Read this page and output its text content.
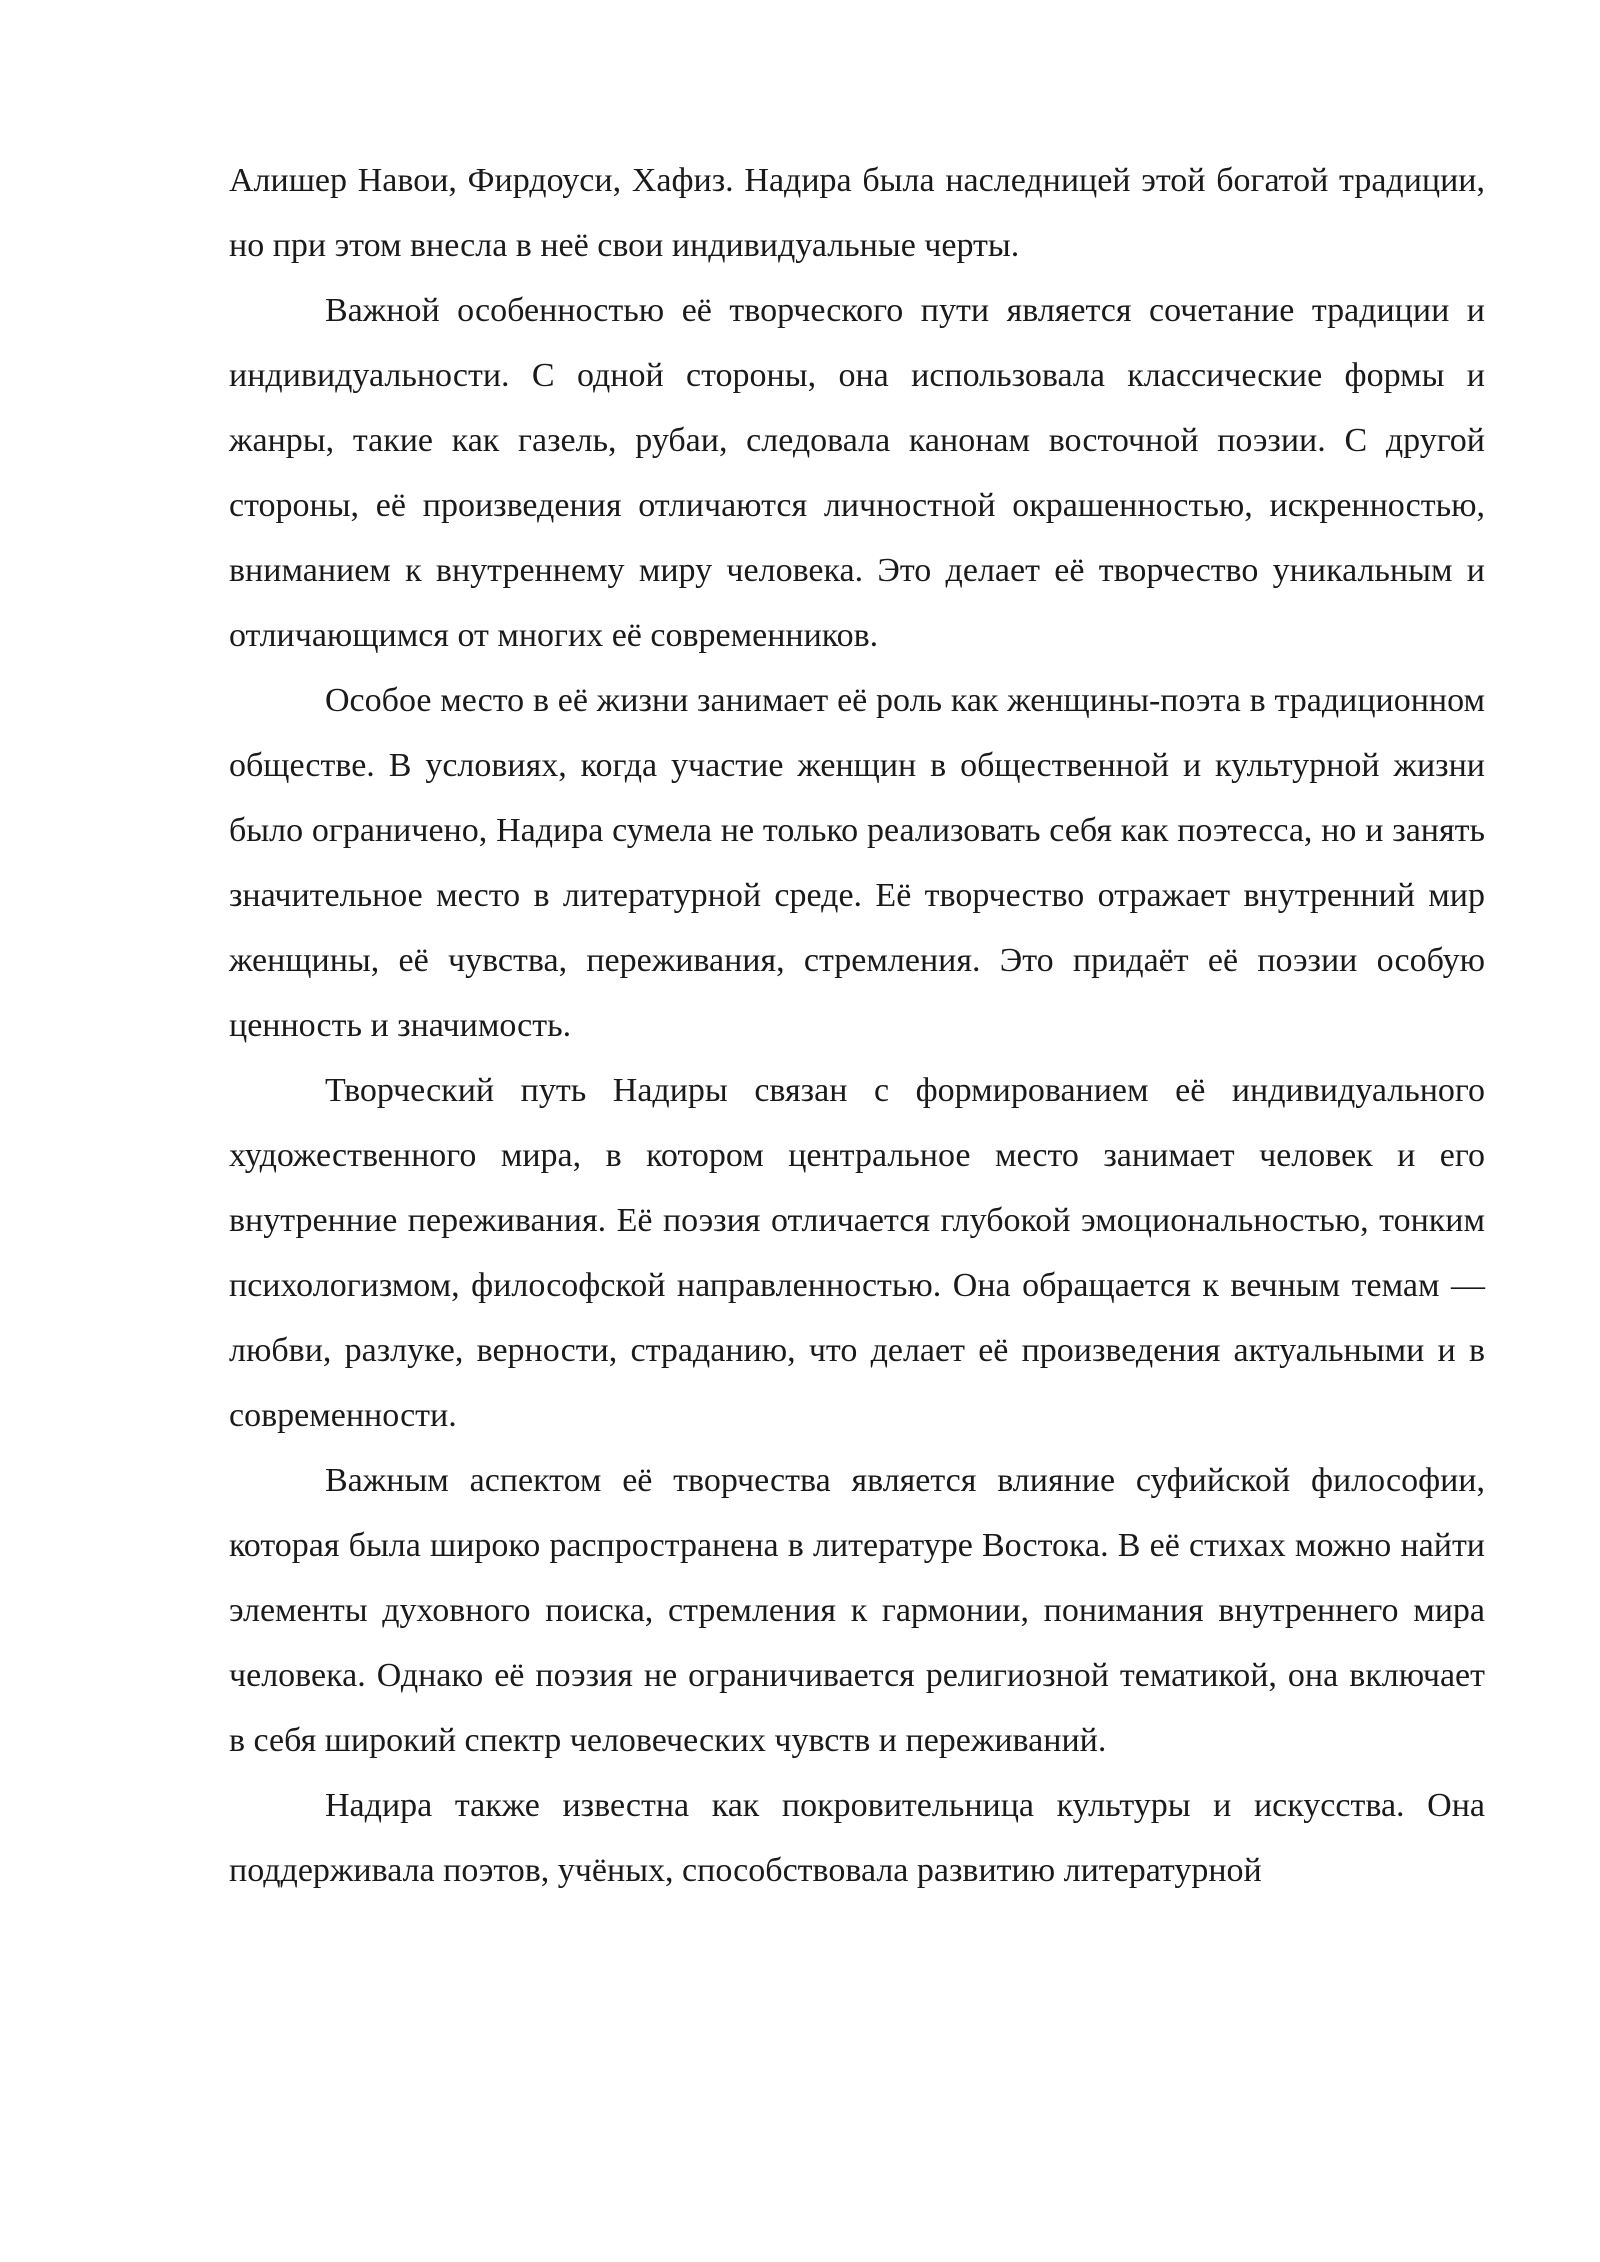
Алишер Навои, Фирдоуси, Хафиз. Надира была наследницей этой богатой традиции, но при этом внесла в неё свои индивидуальные черты.

Важной особенностью её творческого пути является сочетание традиции и индивидуальности. С одной стороны, она использовала классические формы и жанры, такие как газель, рубаи, следовала канонам восточной поэзии. С другой стороны, её произведения отличаются личностной окрашенностью, искренностью, вниманием к внутреннему миру человека. Это делает её творчество уникальным и отличающимся от многих её современников.

Особое место в её жизни занимает её роль как женщины-поэта в традиционном обществе. В условиях, когда участие женщин в общественной и культурной жизни было ограничено, Надира сумела не только реализовать себя как поэтесса, но и занять значительное место в литературной среде. Её творчество отражает внутренний мир женщины, её чувства, переживания, стремления. Это придаёт её поэзии особую ценность и значимость.

Творческий путь Надиры связан с формированием её индивидуального художественного мира, в котором центральное место занимает человек и его внутренние переживания. Её поэзия отличается глубокой эмоциональностью, тонким психологизмом, философской направленностью. Она обращается к вечным темам — любви, разлуке, верности, страданию, что делает её произведения актуальными и в современности.

Важным аспектом её творчества является влияние суфийской философии, которая была широко распространена в литературе Востока. В её стихах можно найти элементы духовного поиска, стремления к гармонии, понимания внутреннего мира человека. Однако её поэзия не ограничивается религиозной тематикой, она включает в себя широкий спектр человеческих чувств и переживаний.

Надира также известна как покровительница культуры и искусства. Она поддерживала поэтов, учёных, способствовала развитию литературной
